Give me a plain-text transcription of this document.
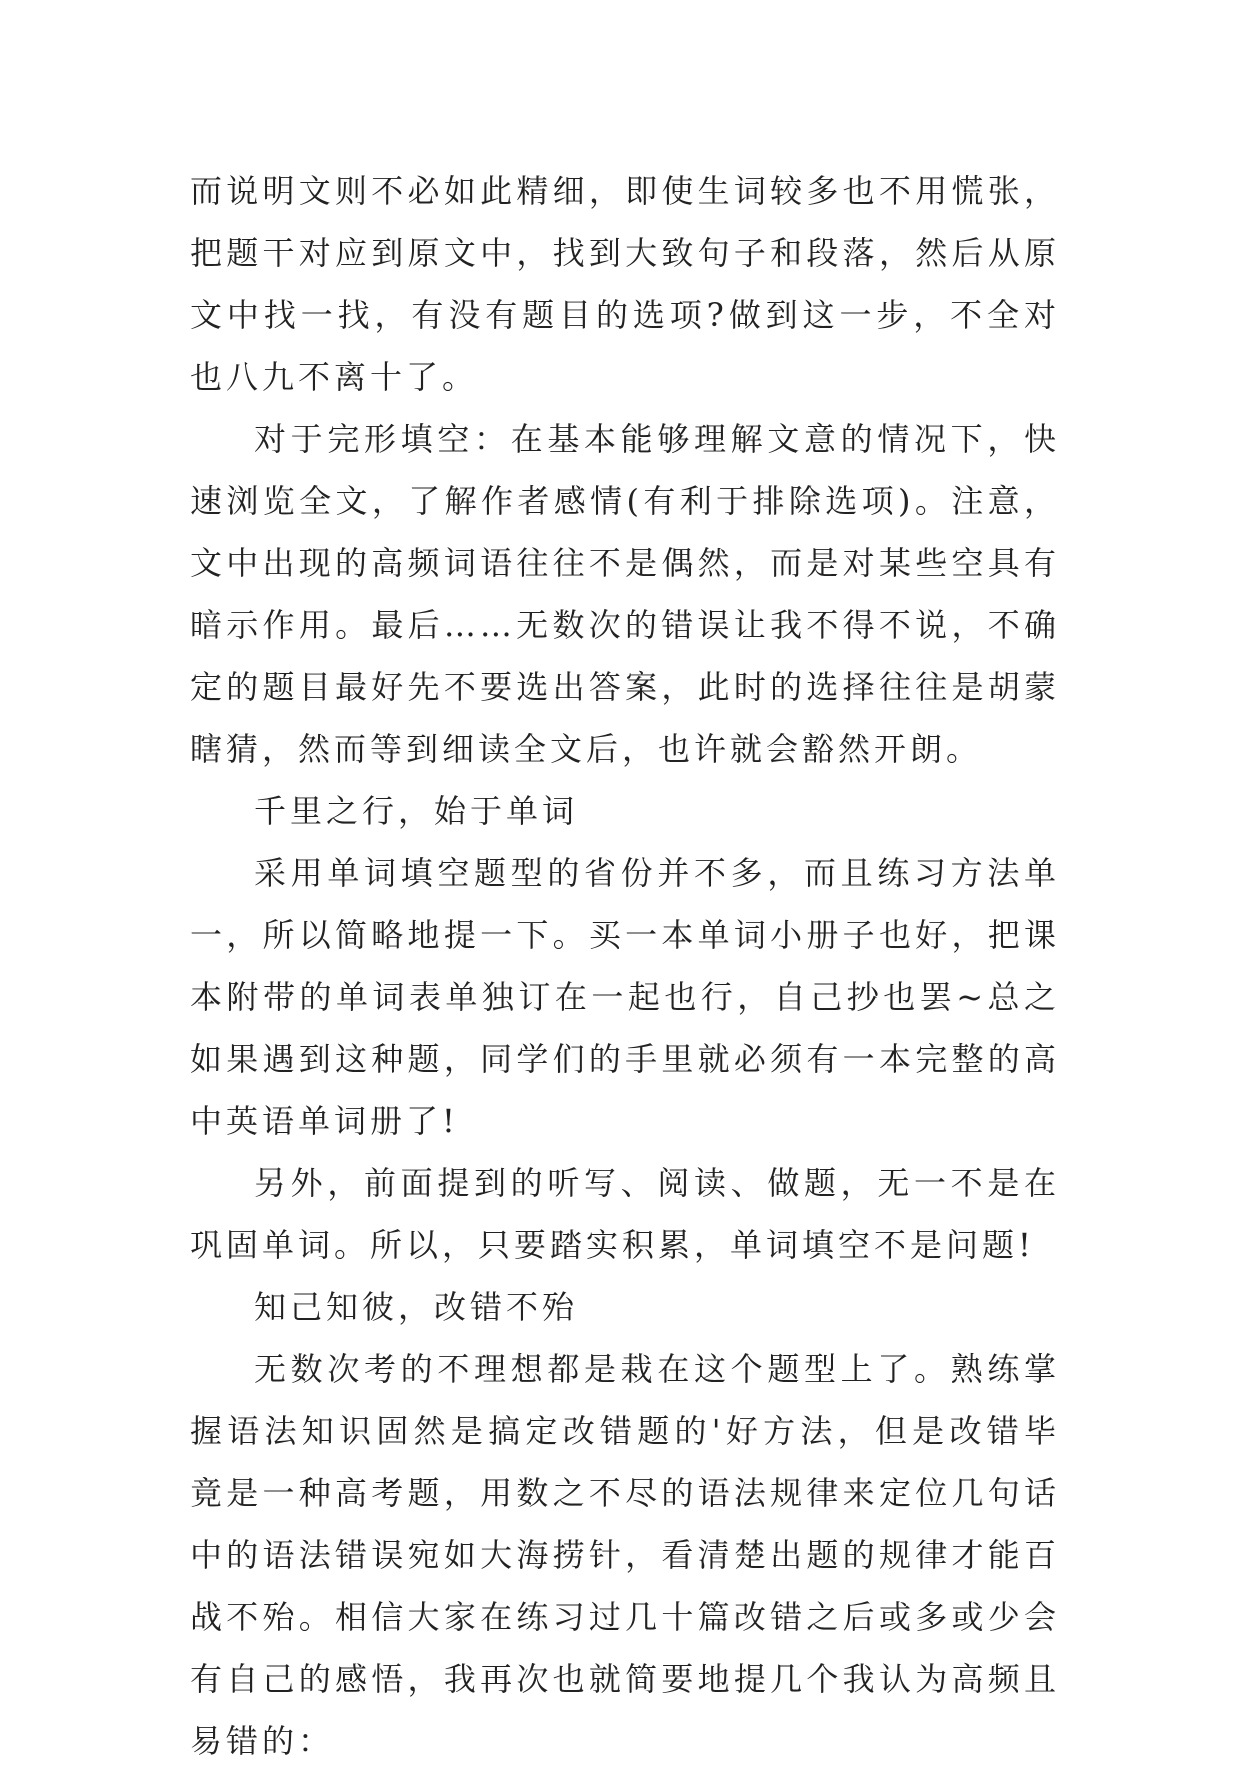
而说明文则不必如此精细，即使生词较多也不用慌张，把题干对应到原文中，找到大致句子和段落，然后从原文中找一找，有没有题目的选项?做到这一步，不全对也八九不离十了。

对于完形填空：在基本能够理解文意的情况下，快速浏览全文，了解作者感情(有利于排除选项)。注意，文中出现的高频词语往往不是偶然，而是对某些空具有暗示作用。最后……无数次的错误让我不得不说，不确定的题目最好先不要选出答案，此时的选择往往是胡蒙瞎猜，然而等到细读全文后，也许就会豁然开朗。

千里之行，始于单词

采用单词填空题型的省份并不多，而且练习方法单一，所以简略地提一下。买一本单词小册子也好，把课本附带的单词表单独订在一起也行，自己抄也罢~总之如果遇到这种题，同学们的手里就必须有一本完整的高中英语单词册了!

另外，前面提到的听写、阅读、做题，无一不是在巩固单词。所以，只要踏实积累，单词填空不是问题!

知己知彼，改错不殆

无数次考的不理想都是栽在这个题型上了。熟练掌握语法知识固然是搞定改错题的'好方法，但是改错毕竟是一种高考题，用数之不尽的语法规律来定位几句话中的语法错误宛如大海捞针，看清楚出题的规律才能百战不殆。相信大家在练习过几十篇改错之后或多或少会有自己的感悟，我再次也就简要地提几个我认为高频且易错的：
